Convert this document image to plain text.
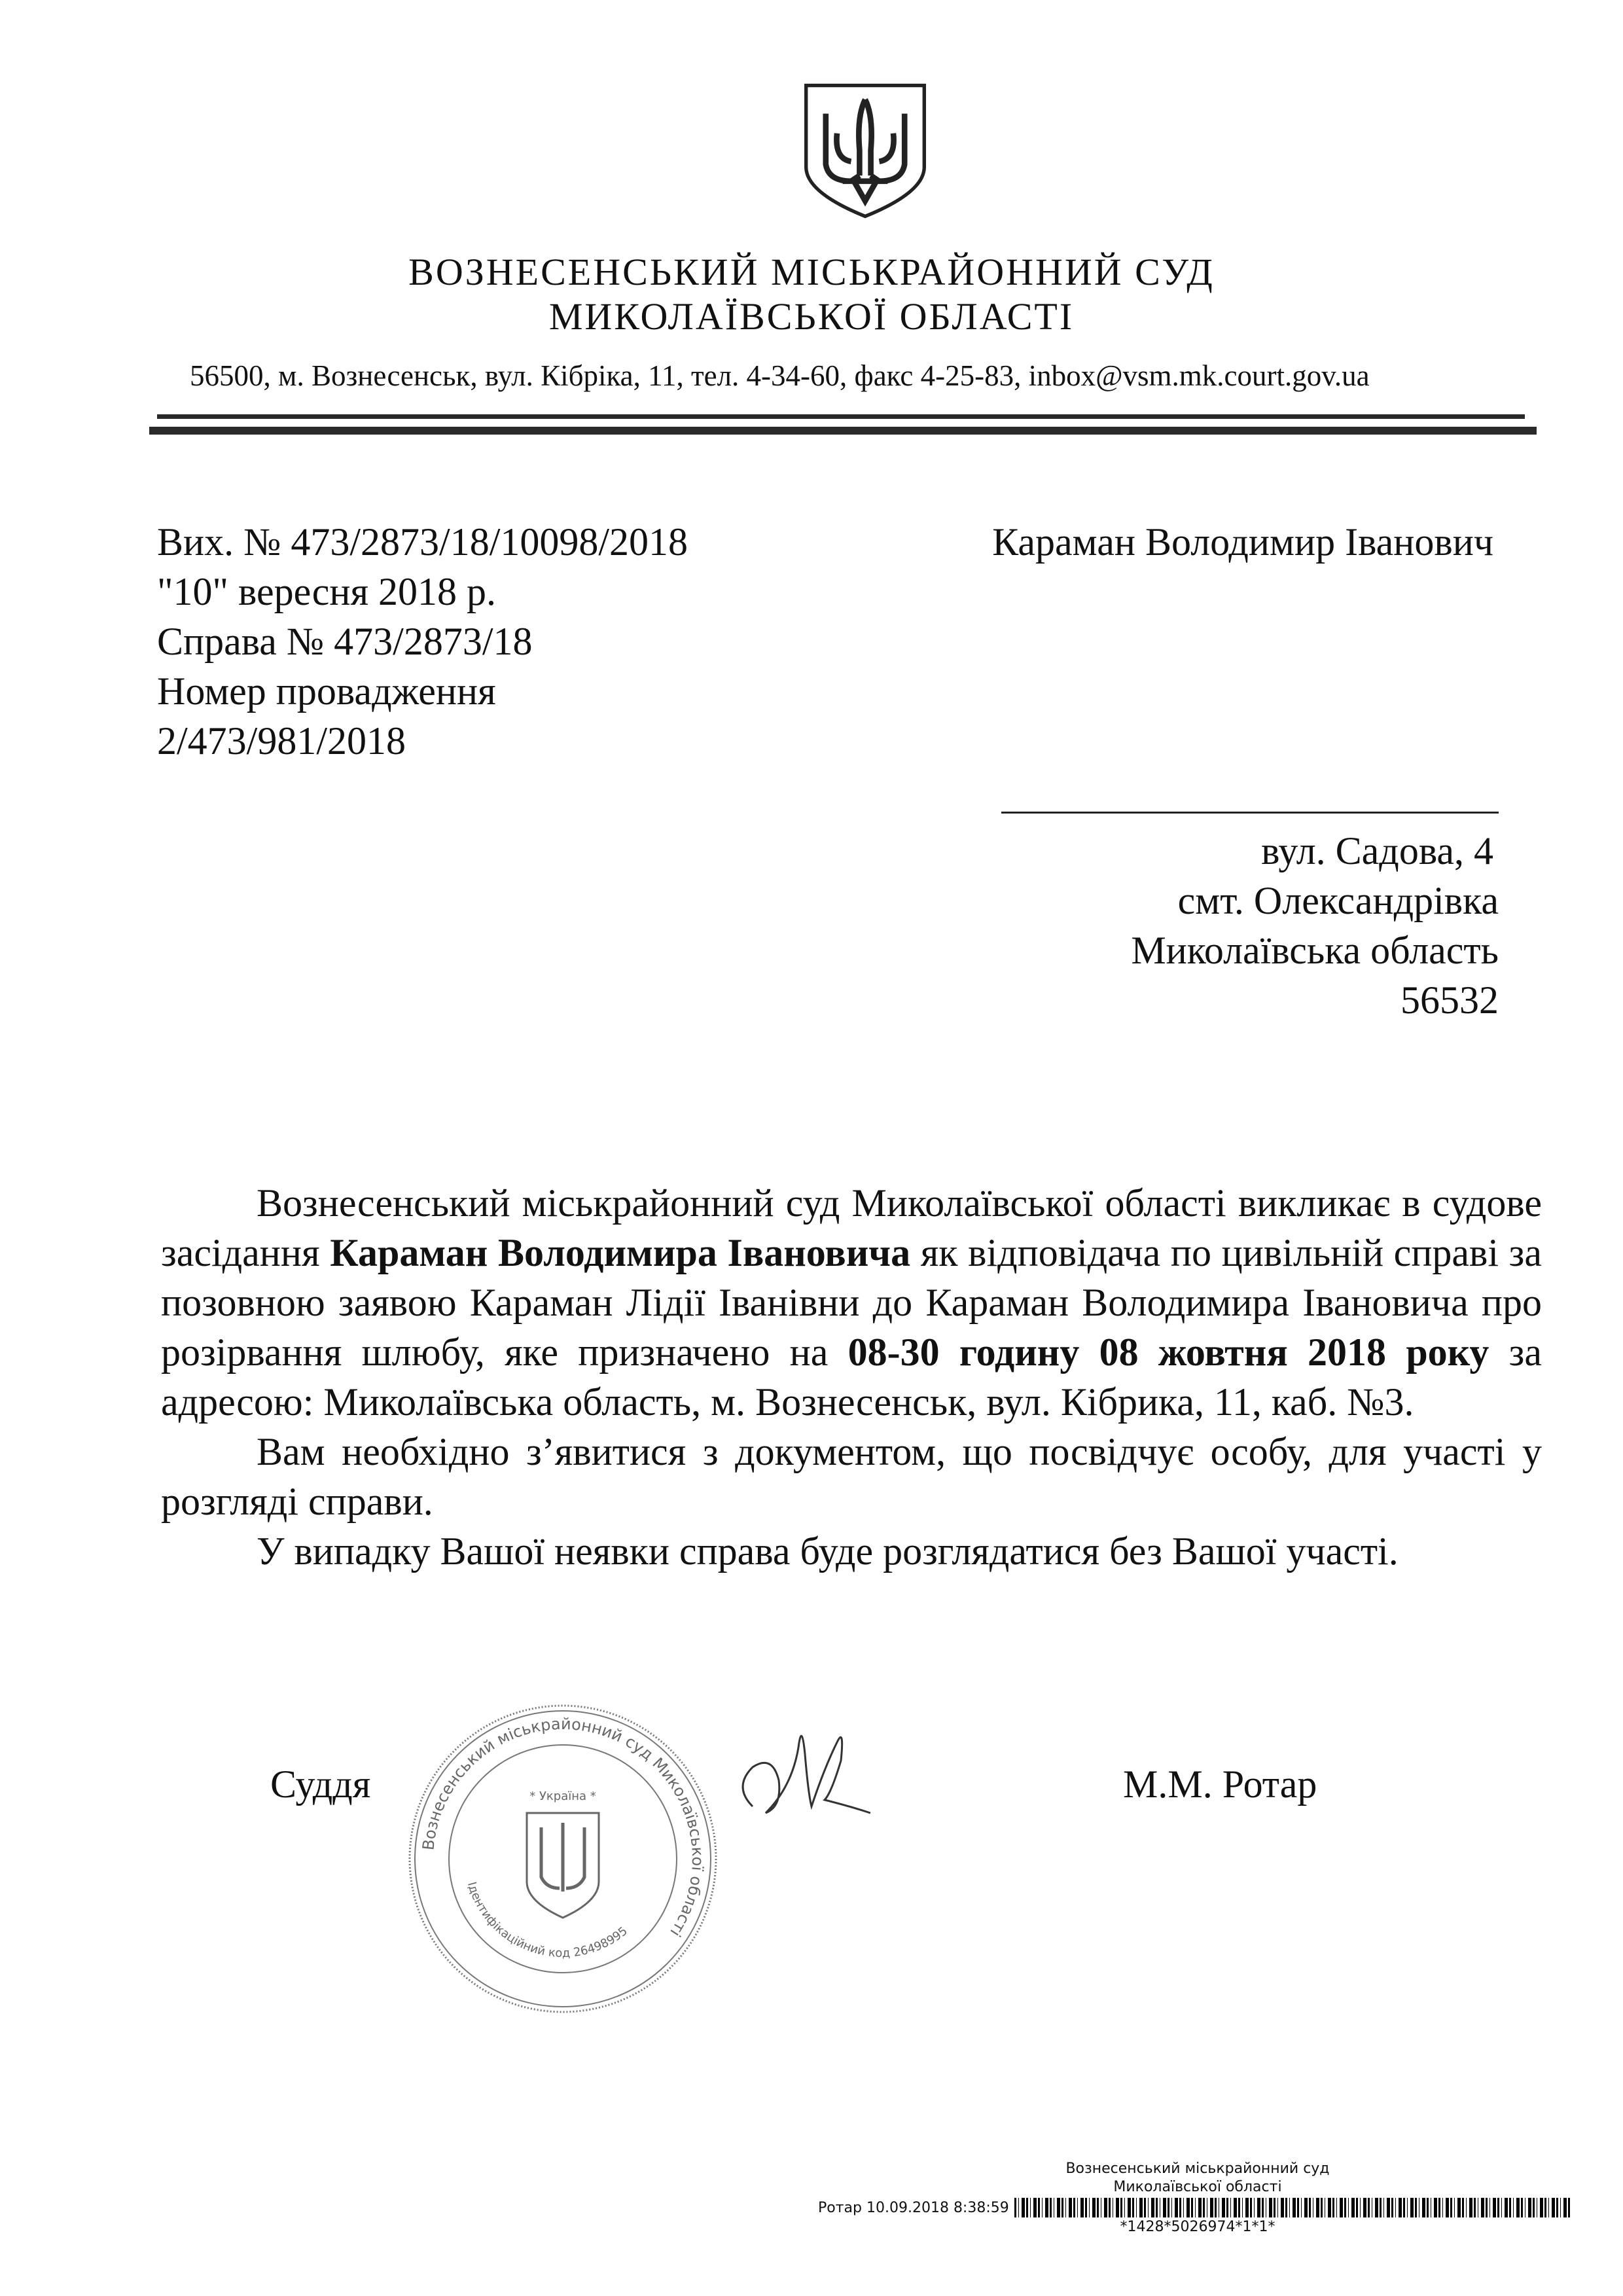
ВОЗНЕСЕНСЬКИЙ МІСЬКРАЙОННИЙ СУД
МИКОЛАЇВСЬКОЇ ОБЛАСТІ
56500, м. Вознесенськ, вул. Кібріка, 11, тел. 4-34-60, факс 4-25-83, inbox@vsm.mk.court.gov.ua
Вих. № 473/2873/18/10098/2018
"10" вересня 2018 р.
Справа № 473/2873/18
Номер провадження
2/473/981/2018
Караман Володимир Іванович
вул. Садова, 4
смт. Олександрівка
Миколаївська область
56532

Вознесенський міськрайонний суд Миколаївської області викликає в судове засідання Караман Володимира Івановича як відповідача по цивільній справі за позовною заявою Караман Лідії Іванівни до Караман Володимира Івановича про розірвання шлюбу, яке призначено на 08-30 годину 08 жовтня 2018 року за адресою: Миколаївська область, м. Вознесенськ, вул. Кібрика, 11, каб. №3.

Вам необхідно з’явитися з документом, що посвідчує особу, для участі у розгляді справи.

У випадку Вашої неявки справа буде розглядатися без Вашої участі.

Суддя	М.М. Ротар
Вознесенський міськрайонний суд Миколаївської області
Ідентифікаційний код 26498995
* Україна *
Вознесенський міськрайонний суд
Миколаївської області
Ротар 10.09.2018 8:38:59
*1428*5026974*1*1*
